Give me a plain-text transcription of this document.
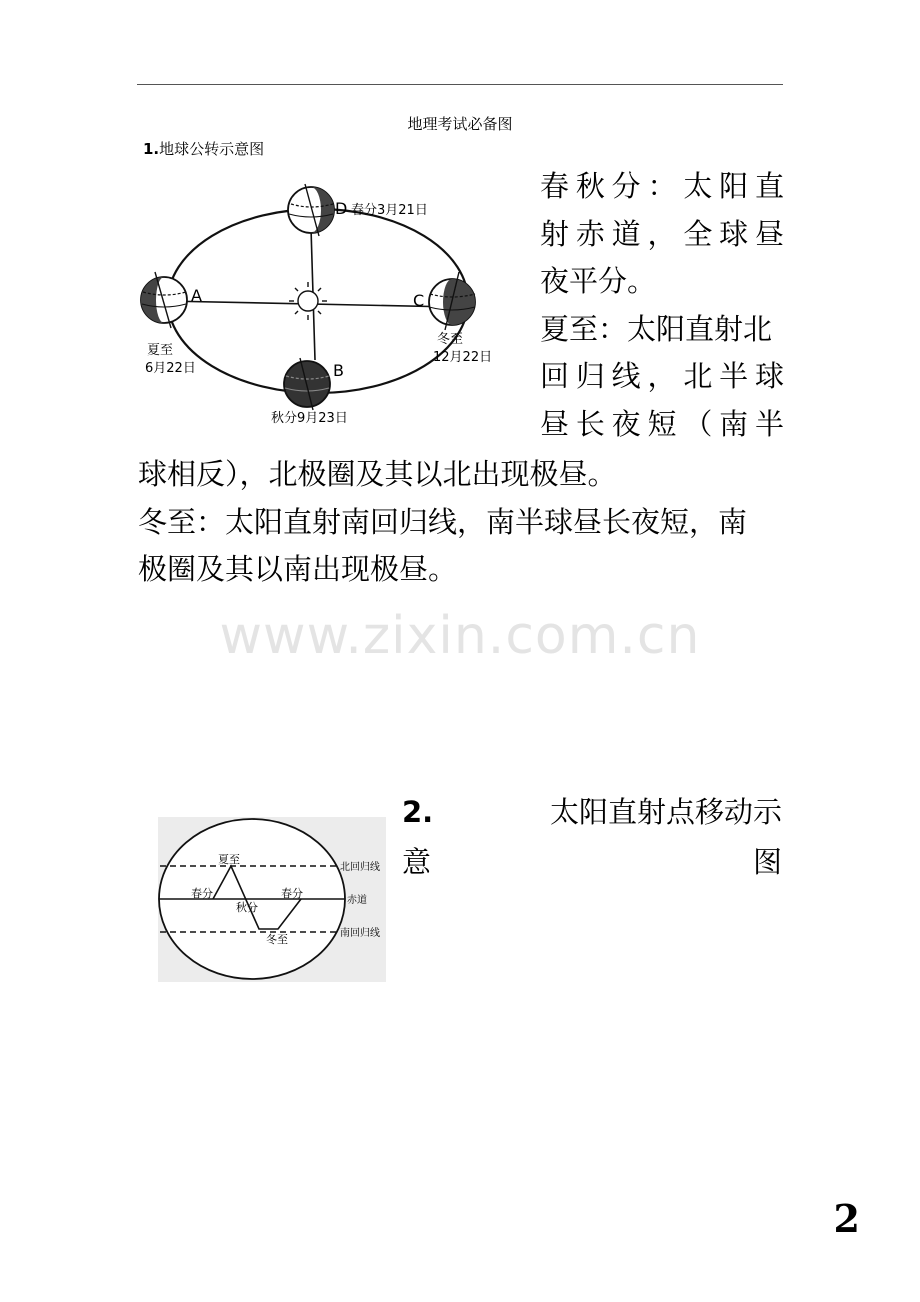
地理考试必备图
1.地球公转示意图
D 春分3月21日
A
夏至
6月22日	B
秋分9月23日
C
冬至
12月22日
春秋分：太阳直
射赤道，全球昼
夜平分。
夏至：太阳直射北
回归线，北半球
昼长夜短（南半
球相反），北极圈及其以北出现极昼。
冬至：太阳直射南回归线，南半球昼长夜短，南
极圈及其以南出现极昼。
www.zixin.com.cn
夏至
春分	春分
秋分
冬至
北回归线
赤道
南回归线
2.	太阳直射点移动示
意	图
2
